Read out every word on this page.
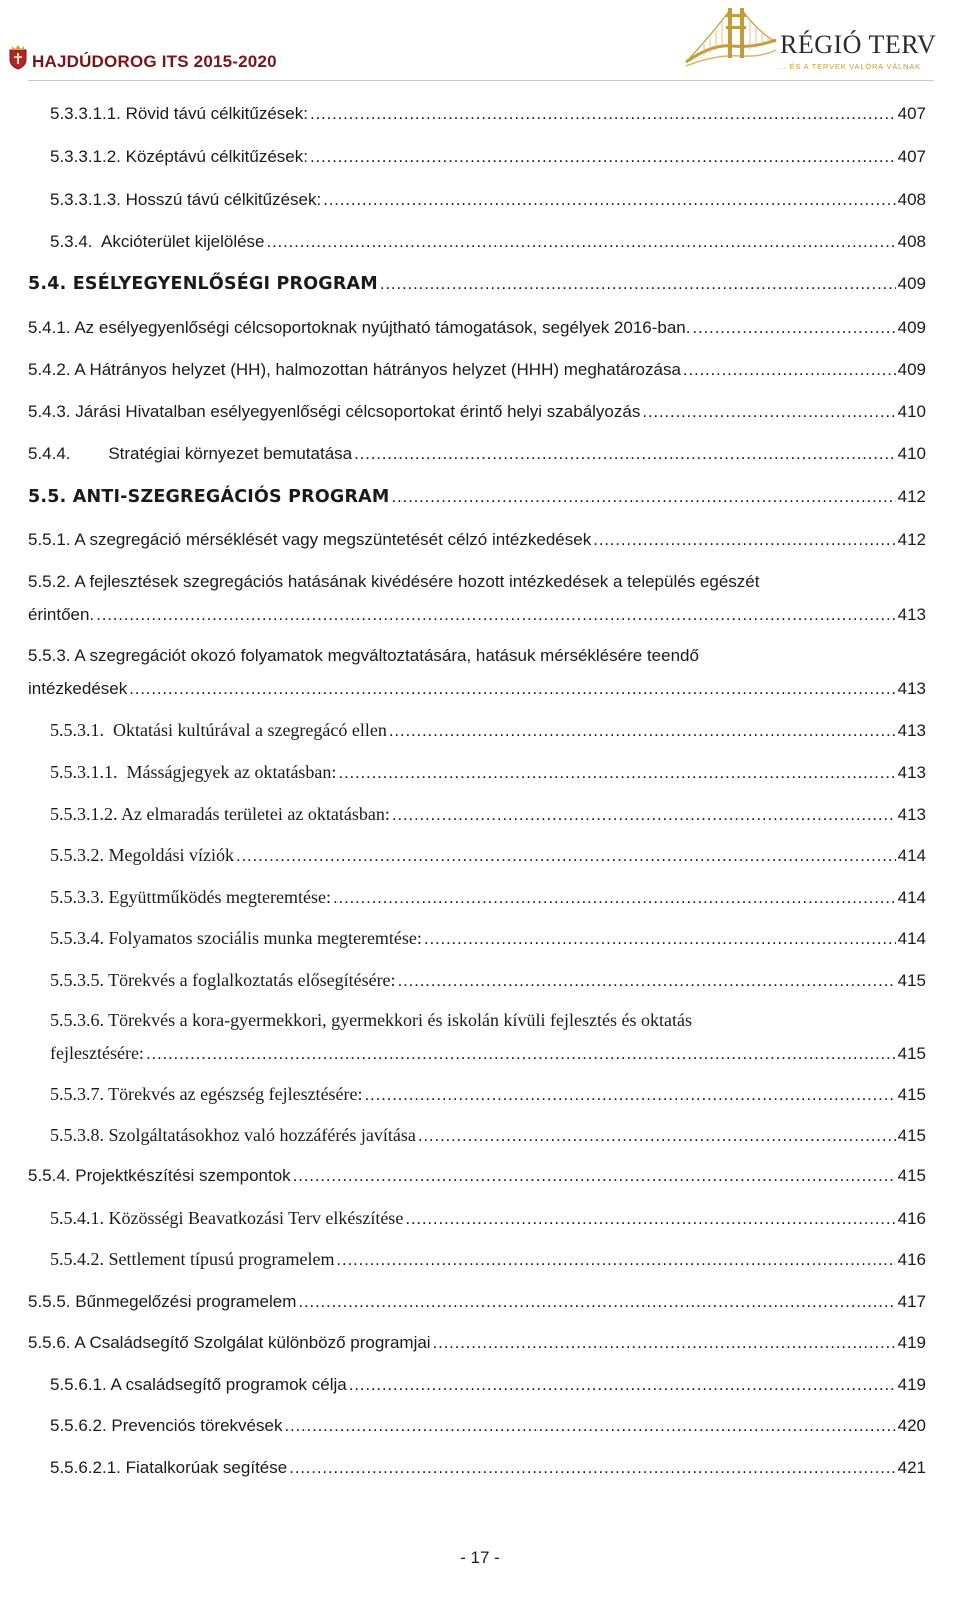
HAJDÚDOROG ITS 2015-2020
RÉGIÓ TERV
... ÉS A TERVEK VALÓRA VÁLNAK
5.3.3.1.1. Rövid távú célkitűzések: .....	407
5.3.3.1.2. Középtávú célkitűzések: .....	407
5.3.3.1.3. Hosszú távú célkitűzések: .....	408
5.3.4.  Akcióterület kijelölése .....	408
5.4. ESÉLYEGYENLŐSÉGI PROGRAM .....	409
5.4.1. Az esélyegyenlőségi célcsoportoknak nyújtható támogatások, segélyek 2016-ban. .....	409
5.4.2. A Hátrányos helyzet (HH), halmozottan hátrányos helyzet (HHH) meghatározása .....	409
5.4.3. Járási Hivatalban esélyegyenlőségi célcsoportokat érintő helyi szabályozás .....	410
5.4.4.        Stratégiai környezet bemutatása .....	410
5.5. ANTI-SZEGREGÁCIÓS PROGRAM .....	412
5.5.1. A szegregáció mérséklését vagy megszüntetését célzó intézkedések .....	412
5.5.2. A fejlesztések szegregációs hatásának kivédésére hozott intézkedések a település egészét
érintően. .....	413
5.5.3. A szegregációt okozó folyamatok megváltoztatására, hatásuk mérséklésére teendő
intézkedések .....	413
5.5.3.1.  Oktatási kultúrával a szegregácó ellen .....	413
5.5.3.1.1.  Másságjegyek az oktatásban: .....	413
5.5.3.1.2. Az elmaradás területei az oktatásban: .....	413
5.5.3.2. Megoldási víziók .....	414
5.5.3.3. Együttműködés megteremtése: .....	414
5.5.3.4. Folyamatos szociális munka megteremtése: .....	414
5.5.3.5. Törekvés a foglalkoztatás elősegítésére: .....	415
5.5.3.6. Törekvés a kora-gyermekkori, gyermekkori és iskolán kívüli fejlesztés és oktatás
fejlesztésére: .....	415
5.5.3.7. Törekvés az egészség fejlesztésére: .....	415
5.5.3.8. Szolgáltatásokhoz való hozzáférés javítása .....	415
5.5.4. Projektkészítési szempontok .....	415
5.5.4.1. Közösségi Beavatkozási Terv elkészítése .....	416
5.5.4.2. Settlement típusú programelem .....	416
5.5.5. Bűnmegelőzési programelem .....	417
5.5.6. A Családsegítő Szolgálat különböző programjai .....	419
5.5.6.1. A családsegítő programok célja .....	419
5.5.6.2. Prevenciós törekvések .....	420
5.5.6.2.1. Fiatalkorúak segítése .....	421
- 17 -
